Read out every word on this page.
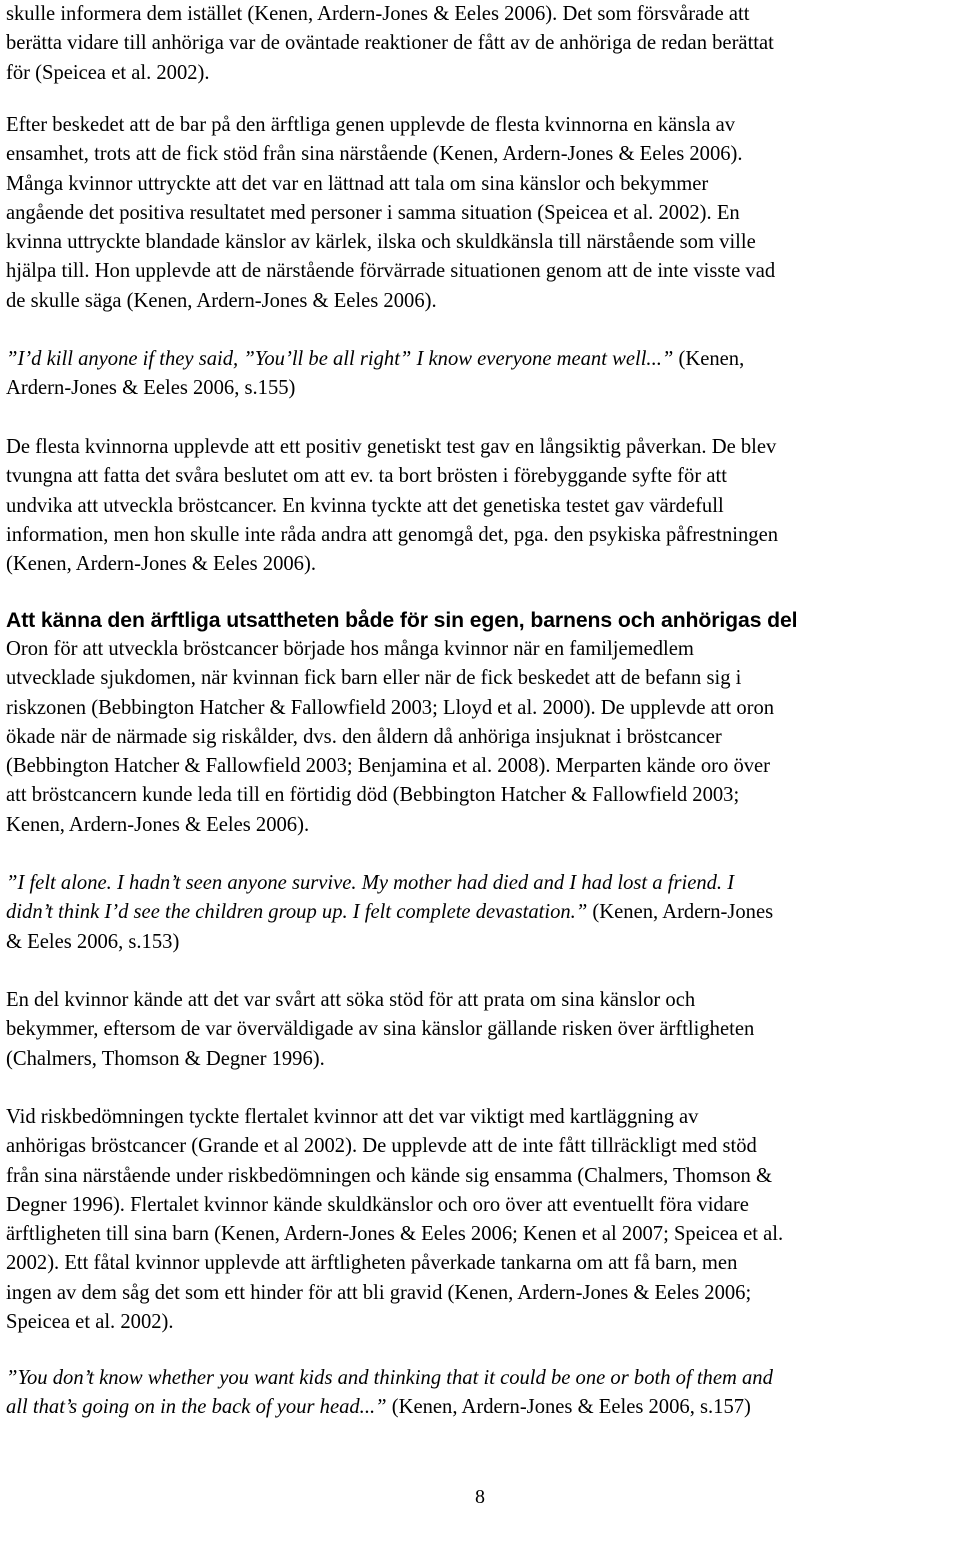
skulle informera dem istället (Kenen, Ardern-Jones & Eeles 2006). Det som försvårade att
berätta vidare till anhöriga var de oväntade reaktioner de fått av de anhöriga de redan berättat
för (Speicea et al. 2002).

Efter beskedet att de bar på den ärftliga genen upplevde de flesta kvinnorna en känsla av
ensamhet, trots att de fick stöd från sina närstående (Kenen, Ardern-Jones & Eeles 2006).
Många kvinnor uttryckte att det var en lättnad att tala om sina känslor och bekymmer
angående det positiva resultatet med personer i samma situation (Speicea et al. 2002). En
kvinna uttryckte blandade känslor av kärlek, ilska och skuldkänsla till närstående som ville
hjälpa till. Hon upplevde att de närstående förvärrade situationen genom att de inte visste vad
de skulle säga (Kenen, Ardern-Jones & Eeles 2006).

”I’d kill anyone if they said, ”You’ll be all right” I know everyone meant well...” (Kenen,
Ardern-Jones & Eeles 2006, s.155)

De flesta kvinnorna upplevde att ett positiv genetiskt test gav en långsiktig påverkan. De blev
tvungna att fatta det svåra beslutet om att ev. ta bort brösten i förebyggande syfte för att
undvika att utveckla bröstcancer. En kvinna tyckte att det genetiska testet gav värdefull
information, men hon skulle inte råda andra att genomgå det, pga. den psykiska påfrestningen
(Kenen, Ardern-Jones & Eeles 2006).

Att känna den ärftliga utsattheten både för sin egen, barnens och anhörigas del

Oron för att utveckla bröstcancer började hos många kvinnor när en familjemedlem
utvecklade sjukdomen, när kvinnan fick barn eller när de fick beskedet att de befann sig i
riskzonen (Bebbington Hatcher & Fallowfield 2003; Lloyd et al. 2000). De upplevde att oron
ökade när de närmade sig riskålder, dvs. den åldern då anhöriga insjuknat i bröstcancer
(Bebbington Hatcher & Fallowfield 2003; Benjamina et al. 2008). Merparten kände oro över
att bröstcancern kunde leda till en förtidig död (Bebbington Hatcher & Fallowfield 2003;
Kenen, Ardern-Jones & Eeles 2006).

”I felt alone. I hadn’t seen anyone survive. My mother had died and I had lost a friend. I
didn’t think I’d see the children group up. I felt complete devastation.” (Kenen, Ardern-Jones
& Eeles 2006, s.153)

En del kvinnor kände att det var svårt att söka stöd för att prata om sina känslor och
bekymmer, eftersom de var överväldigade av sina känslor gällande risken över ärftligheten
(Chalmers, Thomson & Degner 1996).

Vid riskbedömningen tyckte flertalet kvinnor att det var viktigt med kartläggning av
anhörigas bröstcancer (Grande et al 2002). De upplevde att de inte fått tillräckligt med stöd
från sina närstående under riskbedömningen och kände sig ensamma (Chalmers, Thomson &
Degner 1996). Flertalet kvinnor kände skuldkänslor och oro över att eventuellt föra vidare
ärftligheten till sina barn (Kenen, Ardern-Jones & Eeles 2006; Kenen et al 2007; Speicea et al.
2002). Ett fåtal kvinnor upplevde att ärftligheten påverkade tankarna om att få barn, men
ingen av dem såg det som ett hinder för att bli gravid (Kenen, Ardern-Jones & Eeles 2006;
Speicea et al. 2002).

”You don’t know whether you want kids and thinking that it could be one or both of them and
all that’s going on in the back of your head...” (Kenen, Ardern-Jones & Eeles 2006, s.157)

8
